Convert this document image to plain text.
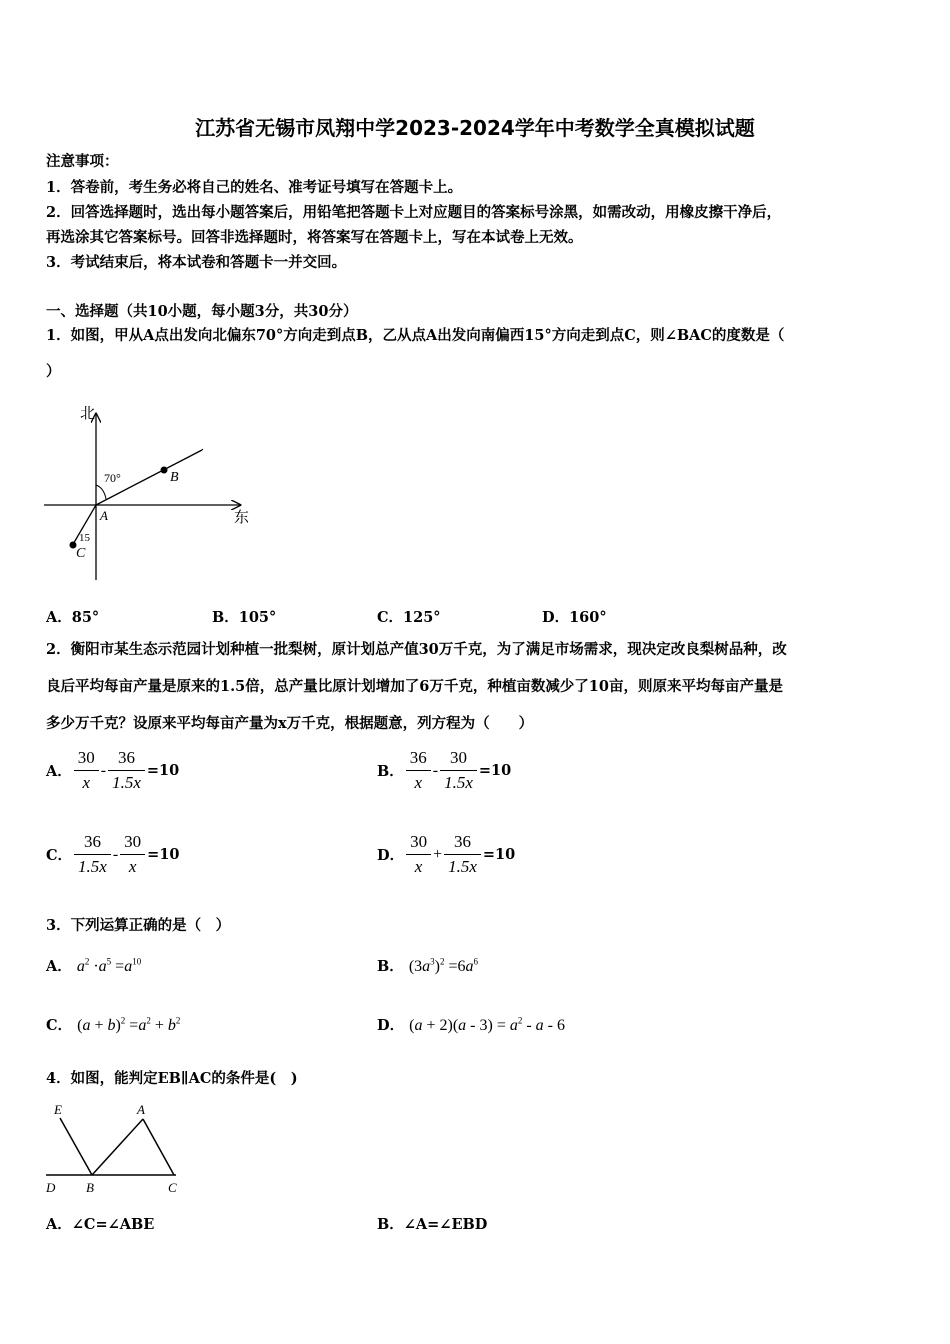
江苏省无锡市凤翔中学2023-2024学年中考数学全真模拟试题
注意事项：
1．答卷前，考生务必将自己的姓名、准考证号填写在答题卡上。
2．回答选择题时，选出每小题答案后，用铅笔把答题卡上对应题目的答案标号涂黑，如需改动，用橡皮擦干净后，
再选涂其它答案标号。回答非选择题时，将答案写在答题卡上，写在本试卷上无效。
3．考试结束后，将本试卷和答题卡一并交回。
一、选择题（共10小题，每小题3分，共30分）
1．如图，甲从A点出发向北偏东70°方向走到点B，乙从点A出发向南偏西15°方向走到点C，则∠BAC的度数是（
）
北
东
70°
15
A
B
C
A．85°	B．105°	C．125°	D．160°
2．衡阳市某生态示范园计划种植一批梨树，原计划总产值30万千克，为了满足市场需求，现决定改良梨树品种，改
良后平均每亩产量是原来的1.5倍，总产量比原计划增加了6万千克，种植亩数减少了10亩，则原来平均每亩产量是
多少万千克？设原来平均每亩产量为x万千克，根据题意，列方程为（　　）
A． $\frac{30}{x} - \frac{36}{1.5x} =10$	B． $\frac{36}{x} - \frac{30}{1.5x} =10$
C． $\frac{36}{1.5x} - \frac{30}{x} =10$	D． $\frac{30}{x} + \frac{36}{1.5x} =10$
3．下列运算正确的是（　）
A． $a^2 \cdot a^5 =a^{10}$	B． $(3a^3)^2 =6a^6$
C． $(a + b)^2 =a^2 + b^2$	D． $(a + 2)(a - 3) = a^2 - a - 6$
4．如图，能判定EB∥AC的条件是(　)
E	A
D B	C
A．∠C=∠ABE	B．∠A=∠EBD
